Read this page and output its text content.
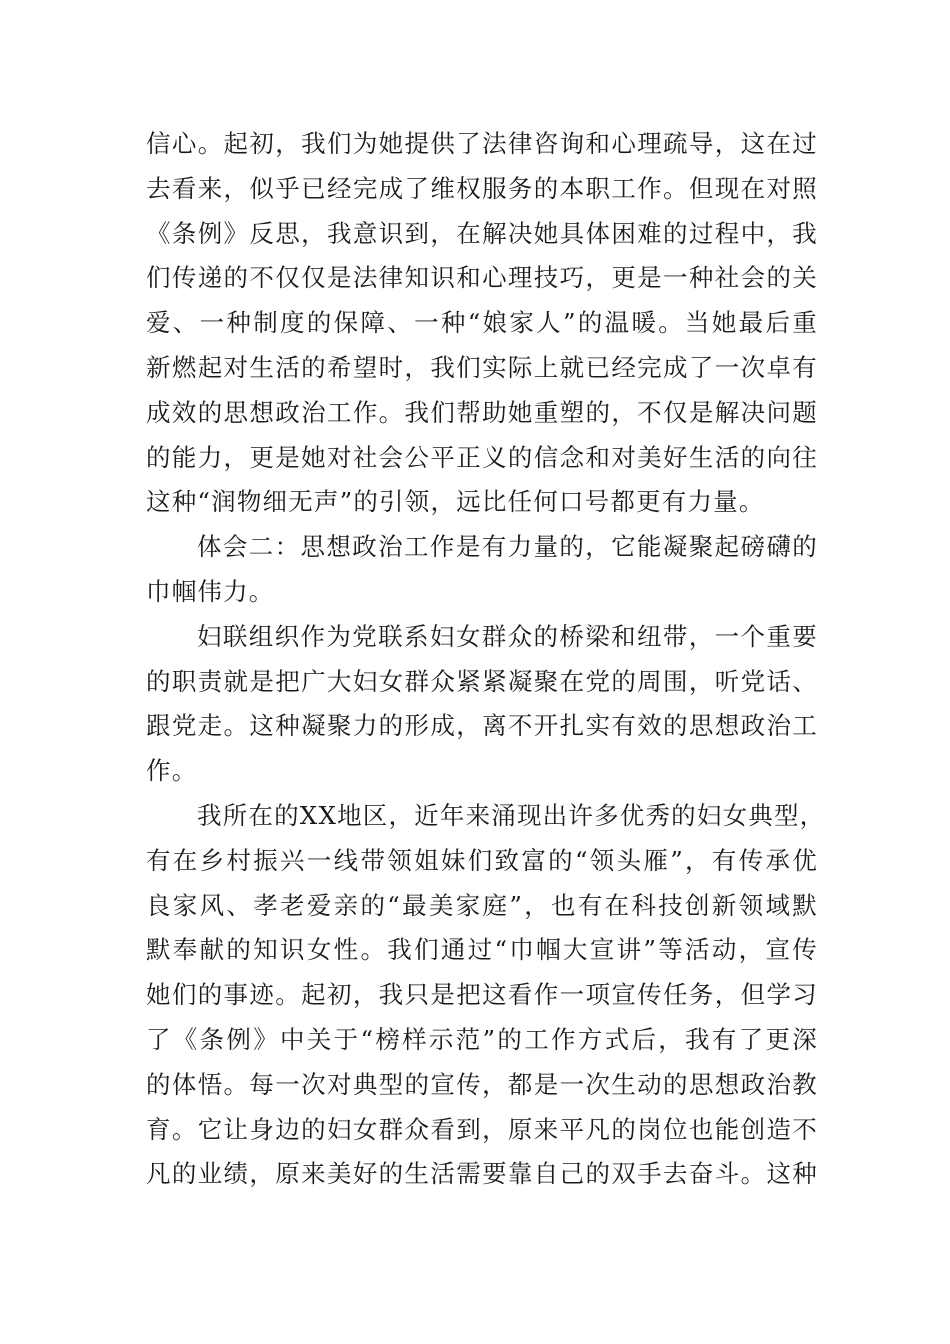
信心。起初，我们为她提供了法律咨询和心理疏导，这在过
去看来，似乎已经完成了维权服务的本职工作。但现在对照
《条例》反思，我意识到，在解决她具体困难的过程中，我
们传递的不仅仅是法律知识和心理技巧，更是一种社会的关
爱、一种制度的保障、一种“娘家人”的温暖。当她最后重
新燃起对生活的希望时，我们实际上就已经完成了一次卓有
成效的思想政治工作。我们帮助她重塑的，不仅是解决问题
的能力，更是她对社会公平正义的信念和对美好生活的向往
这种“润物细无声”的引领，远比任何口号都更有力量。

体会二：思想政治工作是有力量的，它能凝聚起磅礴的
巾帼伟力。

妇联组织作为党联系妇女群众的桥梁和纽带，一个重要
的职责就是把广大妇女群众紧紧凝聚在党的周围，听党话、
跟党走。这种凝聚力的形成，离不开扎实有效的思想政治工
作。

我所在的XX地区，近年来涌现出许多优秀的妇女典型，
有在乡村振兴一线带领姐妹们致富的“领头雁”，有传承优
良家风、孝老爱亲的“最美家庭”，也有在科技创新领域默
默奉献的知识女性。我们通过“巾帼大宣讲”等活动，宣传
她们的事迹。起初，我只是把这看作一项宣传任务，但学习
了《条例》中关于“榜样示范”的工作方式后，我有了更深
的体悟。每一次对典型的宣传，都是一次生动的思想政治教
育。它让身边的妇女群众看到，原来平凡的岗位也能创造不
凡的业绩，原来美好的生活需要靠自己的双手去奋斗。这种
